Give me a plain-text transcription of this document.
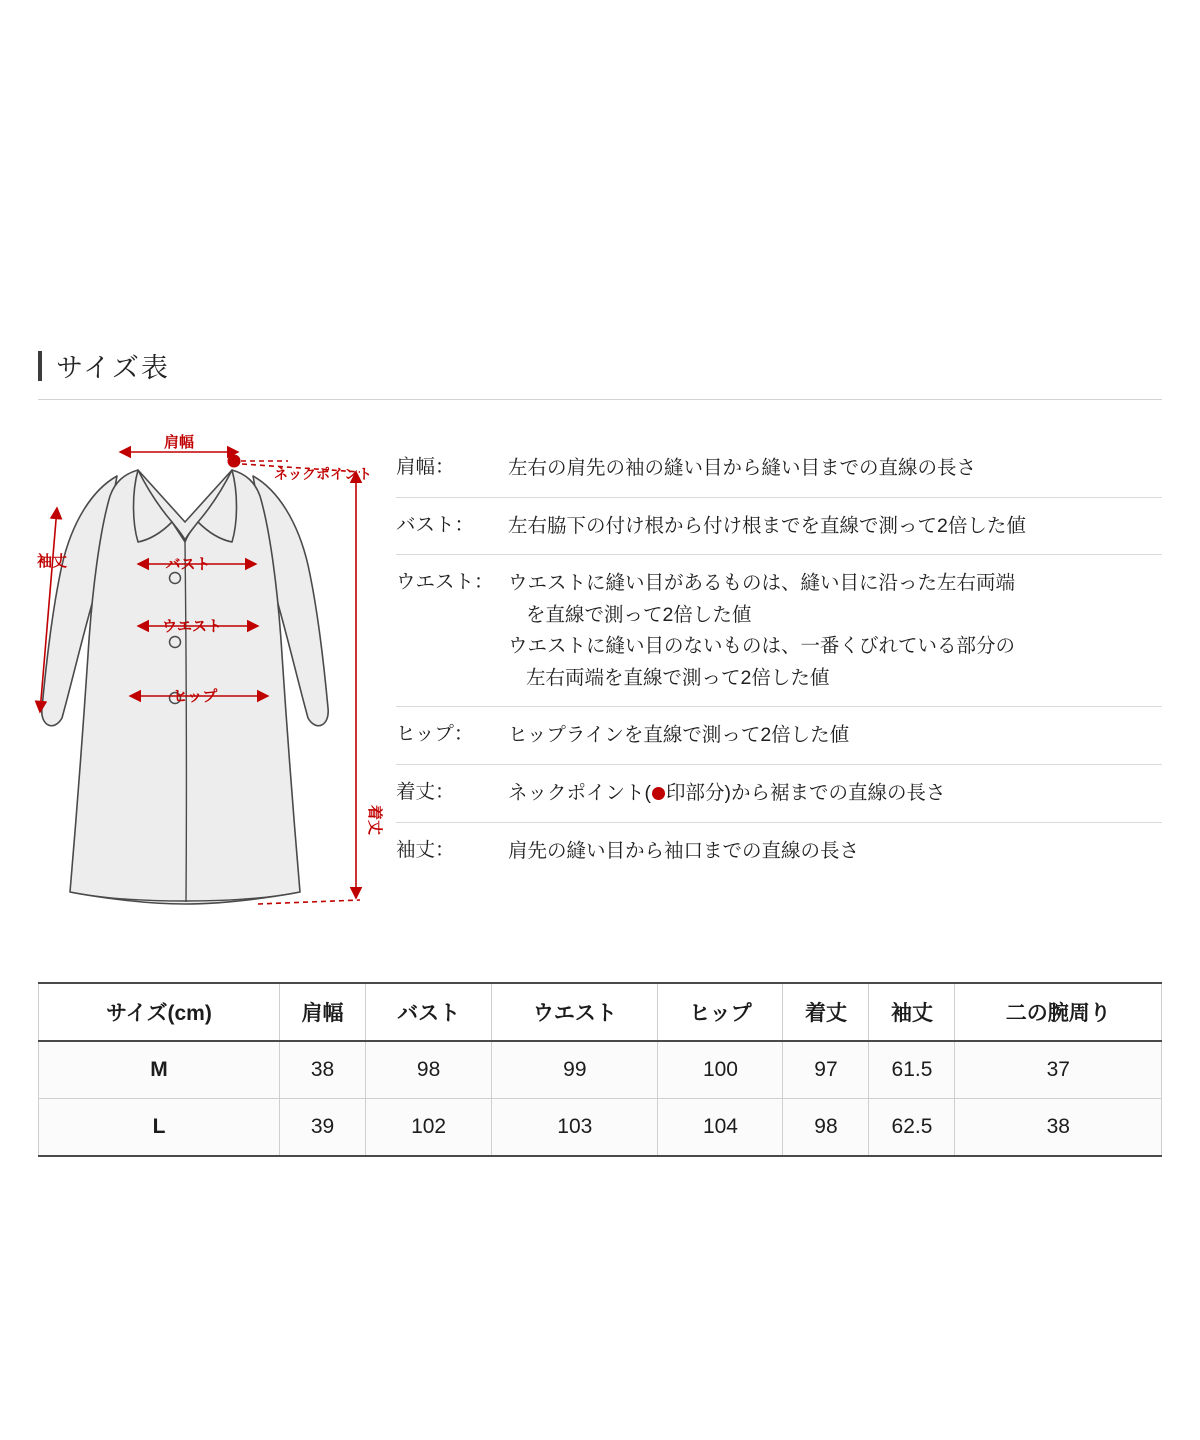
サイズ表
肩幅
バスト
ウエスト
ヒップ
ネックポイント
袖丈
着丈
肩幅：	左右の肩先の袖の縫い目から縫い目までの直線の長さ
バスト：	左右脇下の付け根から付け根までを直線で測って2倍した値
ウエスト： ウエストに縫い目があるものは、縫い目に沿った左右両端
を直線で測って2倍した値
ウエストに縫い目のないものは、一番くびれている部分の
左右両端を直線で測って2倍した値
ヒップ：	ヒップラインを直線で測って2倍した値
着丈：	ネックポイント( 印部分)から裾までの直線の長さ
袖丈：	肩先の縫い目から袖口までの直線の長さ
サイズ(cm)	肩幅	バスト	ウエスト	ヒップ	着丈	袖丈	二の腕周り
M	38	98	99	100	97	61.5	37
L	39	102	103	104	98	62.5	38
